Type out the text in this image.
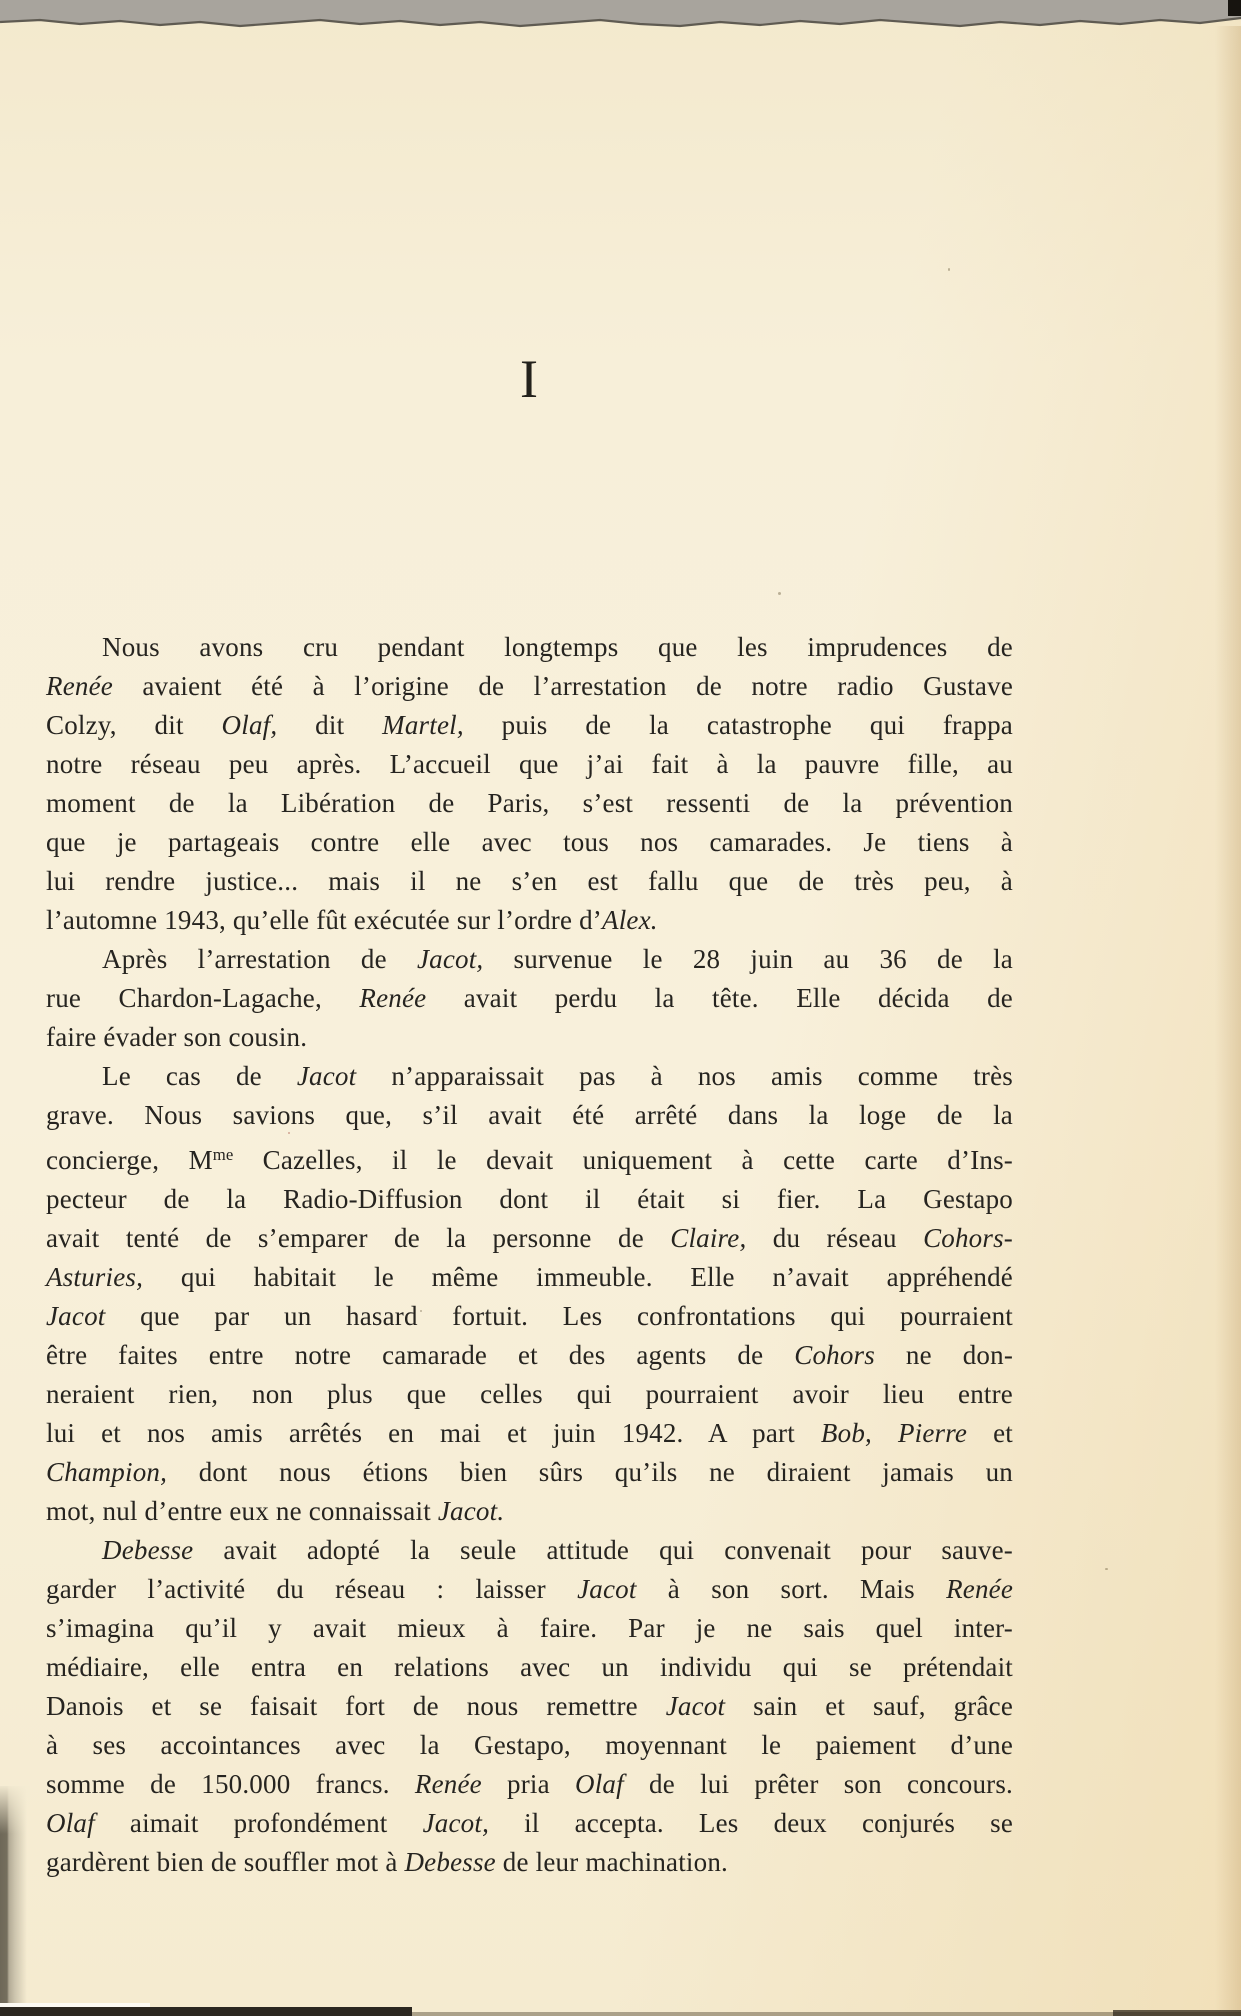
I
Nous avons cru pendant longtemps que les imprudences de
Renée avaient été à l’origine de l’arrestation de notre radio Gustave
Colzy, dit Olaf, dit Martel, puis de la catastrophe qui frappa
notre réseau peu après. L’accueil que j’ai fait à la pauvre fille, au
moment de la Libération de Paris, s’est ressenti de la prévention
que je partageais contre elle avec tous nos camarades. Je tiens à
lui rendre justice... mais il ne s’en est fallu que de très peu, à
l’automne 1943, qu’elle fût exécutée sur l’ordre d’Alex.
Après l’arrestation de Jacot, survenue le 28 juin au 36 de la
rue Chardon-Lagache, Renée avait perdu la tête. Elle décida de
faire évader son cousin.
Le cas de Jacot n’apparaissait pas à nos amis comme très
grave. Nous savions que, s’il avait été arrêté dans la loge de la
concierge, $M^{me}$ Cazelles, il le devait uniquement à cette carte d’Ins-
pecteur de la Radio-Diffusion dont il était si fier. La Gestapo
avait tenté de s’emparer de la personne de Claire, du réseau Cohors-
Asturies, qui habitait le même immeuble. Elle n’avait appréhendé
Jacot que par un hasard fortuit. Les confrontations qui pourraient
être faites entre notre camarade et des agents de Cohors ne don-
neraient rien, non plus que celles qui pourraient avoir lieu entre
lui et nos amis arrêtés en mai et juin 1942. A part Bob, Pierre et
Champion, dont nous étions bien sûrs qu’ils ne diraient jamais un
mot, nul d’entre eux ne connaissait Jacot.
Debesse avait adopté la seule attitude qui convenait pour sauve-
garder l’activité du réseau : laisser Jacot à son sort. Mais Renée
s’imagina qu’il y avait mieux à faire. Par je ne sais quel inter-
médiaire, elle entra en relations avec un individu qui se prétendait
Danois et se faisait fort de nous remettre Jacot sain et sauf, grâce
à ses accointances avec la Gestapo, moyennant le paiement d’une
somme de 150.000 francs. Renée pria Olaf de lui prêter son concours.
Olaf aimait profondément Jacot, il accepta. Les deux conjurés se
gardèrent bien de souffler mot à Debesse de leur machination.
